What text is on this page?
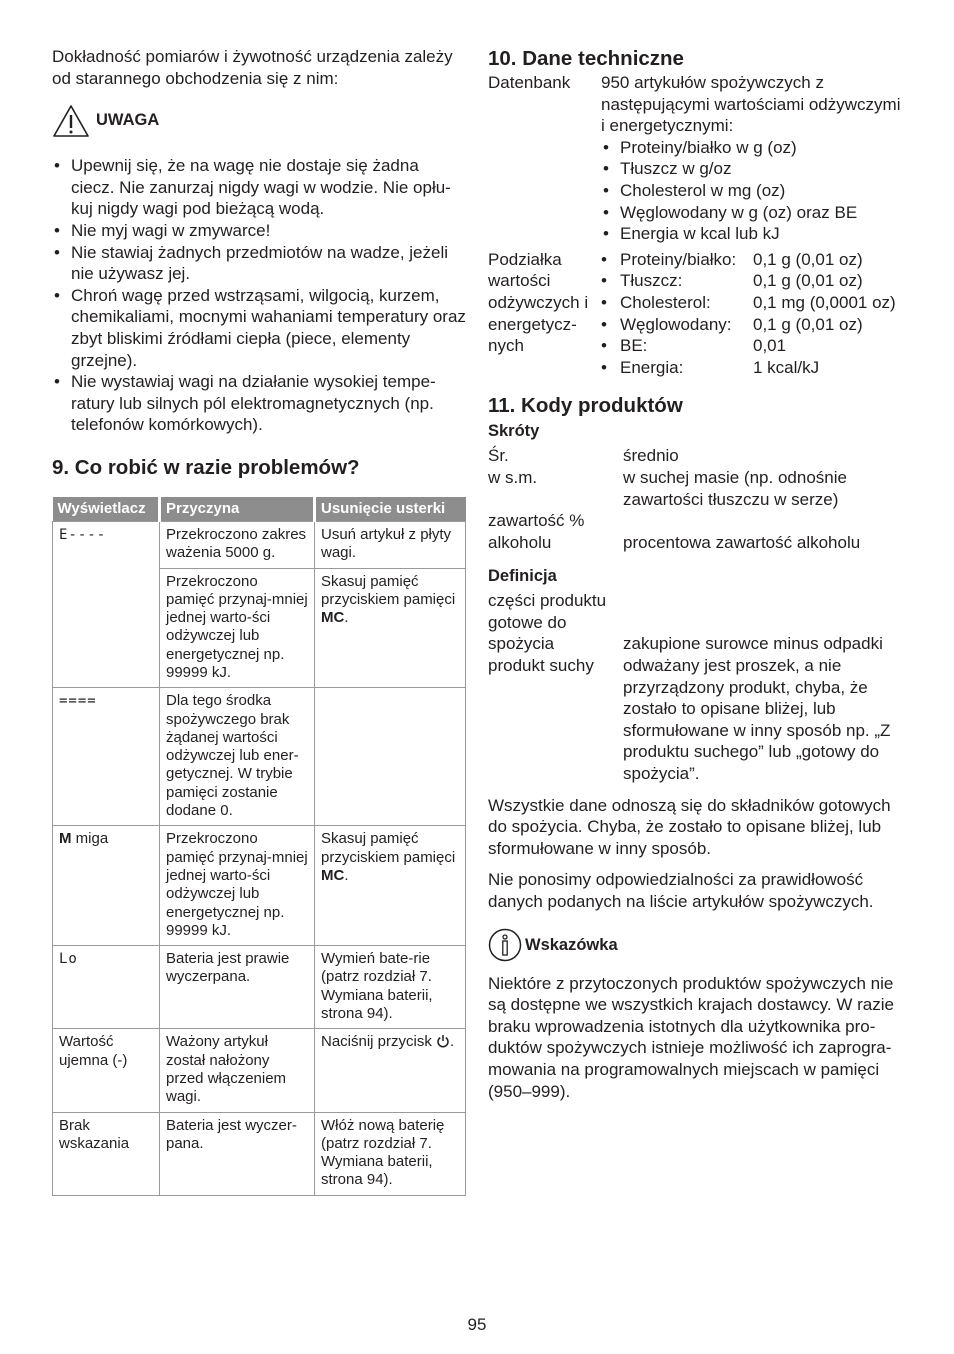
Dokładność pomiarów i żywotność urządzenia zależy od starannego obchodzenia się z nim:

UWAGA
• Upewnij się, że na wagę nie dostaje się żadna ciecz. Nie zanurzaj nigdy wagi w wodzie. Nie opłu-kuj nigdy wagi pod bieżącą wodą.
• Nie myj wagi w zmywarce!
• Nie stawiaj żadnych przedmiotów na wadze, jeżeli nie używasz jej.
• Chroń wagę przed wstrząsami, wilgocią, kurzem, chemikaliami, mocnymi wahaniami temperatury oraz zbyt bliskimi źródłami ciepła (piece, elementy grzejne).
• Nie wystawiaj wagi na działanie wysokiej tempe-ratury lub silnych pól elektromagnetycznych (np. telefonów komórkowych).

9. Co robić w razie problemów?

Wyświetlacz	Przyczyna	Usunięcie usterki
E----	Przekroczono zakres ważenia 5000 g.	Usuń artykuł z płyty wagi.
	Przekroczono pamięć przynaj-mniej jednej warto-ści odżywczej lub energetycznej np. 99999 kJ.	Skasuj pamięć przyciskiem pamięci MC.
====	Dla tego środka spożywczego brak żądanej wartości odżywczej lub ener-getycznej. W trybie pamięci zostanie dodane 0.	
M miga	Przekroczono pamięć przynaj-mniej jednej warto-ści odżywczej lub energetycznej np. 99999 kJ.	Skasuj pamięć przyciskiem pamięci MC.
Lo	Bateria jest prawie wyczerpana.	Wymień bate-rie (patrz rozdział 7. Wymiana baterii, strona 94).
Wartość ujemna (-)	Ważony artykuł został nałożony przed włączeniem wagi.	Naciśnij przycisk .
Brak wskazania	Bateria jest wyczer-pana.	Włóż nową baterię (patrz rozdział 7. Wymiana baterii, strona 94).

10. Dane techniczne

Datenbank	950 artykułów spożywczych z następującymi wartościami odżywczymi i energetycznymi:

• Proteiny/białko w g (oz)
• Tłuszcz w g/oz
• Cholesterol w mg (oz)
• Węglowodany w g (oz) oraz BE
• Energia w kcal lub kJ
Podziałka wartości odżywczych i energetycz-nych
• Proteiny/białko: 0,1 g (0,01 oz)
• Tłuszcz:	0,1 g (0,01 oz)
• Cholesterol:	0,1 mg (0,0001 oz)
• Węglowodany:	0,1 g (0,01 oz)
• BE:	0,01
• Energia:	1 kcal/kJ

11. Kody produktów

Skróty

Śr.	średnio
w s.m.	w suchej masie (np. odnośnie zawartości tłuszczu w serze)
zawartość % alkoholu	procentowa zawartość alkoholu

Definicja

części produktu gotowe do spożycia	zakupione surowce minus odpadki
produkt suchy	odważany jest proszek, a nie przyrządzony produkt, chyba, że zostało to opisane bliżej, lub sformułowane w inny sposób np. „Z produktu suchego” lub „gotowy do spożycia”.

Wszystkie dane odnoszą się do składników gotowych do spożycia. Chyba, że zostało to opisane bliżej, lub sformułowane w inny sposób.

Nie ponosimy odpowiedzialności za prawidłowość danych podanych na liście artykułów spożywczych.

Wskazówka

Niektóre z przytoczonych produktów spożywczych nie są dostępne we wszystkich krajach dostawcy. W razie braku wprowadzenia istotnych dla użytkownika pro-duktów spożywczych istnieje możliwość ich zaprogra-mowania na programowalnych miejscach w pamięci (950–999).

95
